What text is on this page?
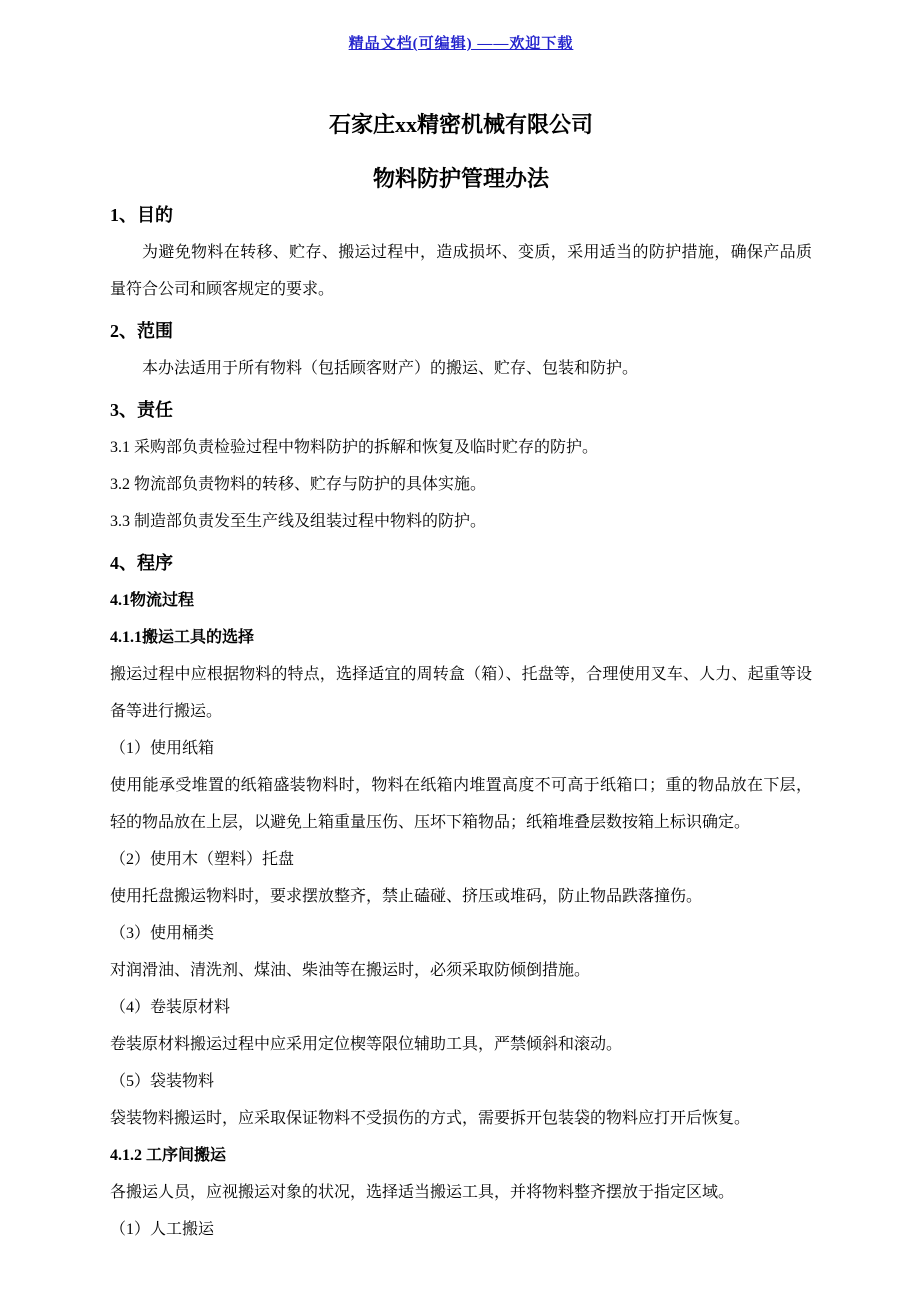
精品文档(可编辑) ——欢迎下载
石家庄xx精密机械有限公司
物料防护管理办法
1、目的
为避免物料在转移、贮存、搬运过程中，造成损坏、变质，采用适当的防护措施，确保产品质量符合公司和顾客规定的要求。
2、范围
本办法适用于所有物料（包括顾客财产）的搬运、贮存、包装和防护。
3、责任
3.1 采购部负责检验过程中物料防护的拆解和恢复及临时贮存的防护。
3.2 物流部负责物料的转移、贮存与防护的具体实施。
3.3 制造部负责发至生产线及组装过程中物料的防护。
4、程序
4.1物流过程
4.1.1搬运工具的选择
搬运过程中应根据物料的特点，选择适宜的周转盒（箱）、托盘等，合理使用叉车、人力、起重等设备等进行搬运。
（1）使用纸箱
使用能承受堆置的纸箱盛装物料时，物料在纸箱内堆置高度不可高于纸箱口；重的物品放在下层，轻的物品放在上层，以避免上箱重量压伤、压坏下箱物品；纸箱堆叠层数按箱上标识确定。
（2）使用木（塑料）托盘
使用托盘搬运物料时，要求摆放整齐，禁止磕碰、挤压或堆码，防止物品跌落撞伤。
（3）使用桶类
对润滑油、清洗剂、煤油、柴油等在搬运时，必须采取防倾倒措施。
（4）卷装原材料
卷装原材料搬运过程中应采用定位楔等限位辅助工具，严禁倾斜和滚动。
（5）袋装物料
袋装物料搬运时，应采取保证物料不受损伤的方式，需要拆开包装袋的物料应打开后恢复。
4.1.2 工序间搬运
各搬运人员，应视搬运对象的状况，选择适当搬运工具，并将物料整齐摆放于指定区域。
（1）人工搬运
